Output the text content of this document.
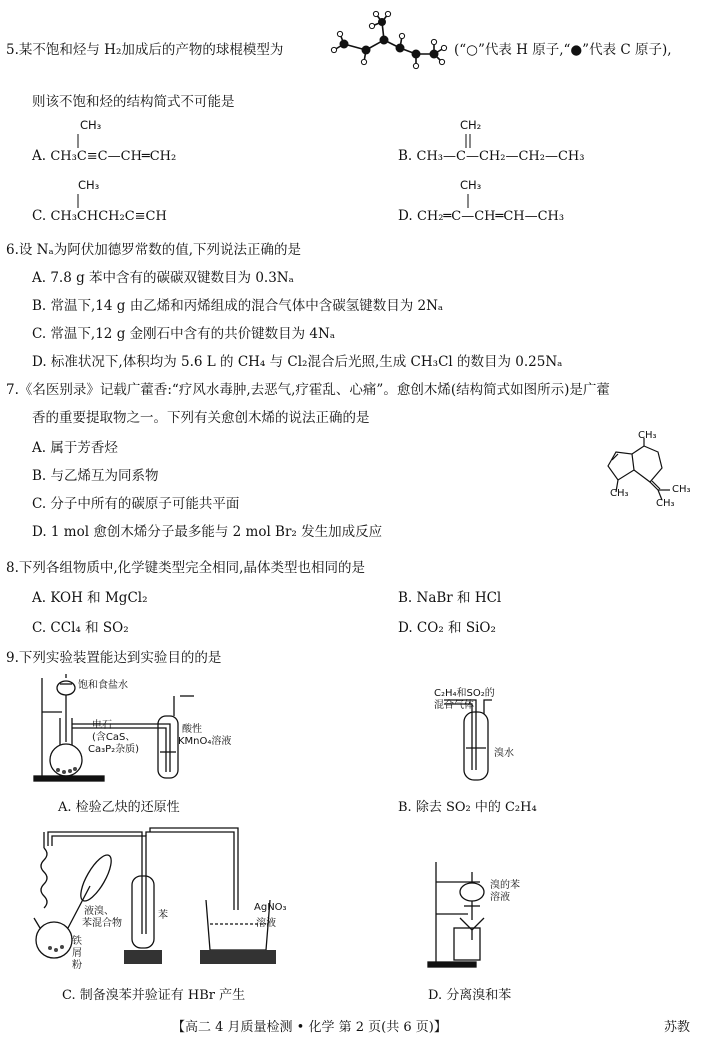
5.某不饱和烃与 H₂加成后的产物的球棍模型为	(“○”代表 H 原子,“●”代表 C 原子),
则该不饱和烃的结构简式不可能是
CH₃
A. CH₃C≡C—CH═CH₂
CH₂
B. CH₃—C—CH₂—CH₂—CH₃
CH₃
C. CH₃CHCH₂C≡CH
CH₃
D. CH₂═C—CH═CH—CH₃
6.设 Nₐ为阿伏加德罗常数的值,下列说法正确的是
A. 7.8 g 苯中含有的碳碳双键数目为 0.3Nₐ
B. 常温下,14 g 由乙烯和丙烯组成的混合气体中含碳氢键数目为 2Nₐ
C. 常温下,12 g 金刚石中含有的共价键数目为 4Nₐ
D. 标准状况下,体积均为 5.6 L 的 CH₄ 与 Cl₂混合后光照,生成 CH₃Cl 的数目为 0.25Nₐ
7.《名医别录》记载广藿香:“疗风水毒肿,去恶气,疗霍乱、心痛”。愈创木烯(结构简式如图所示)是广藿
香的重要提取物之一。下列有关愈创木烯的说法正确的是
A. 属于芳香烃
B. 与乙烯互为同系物
C. 分子中所有的碳原子可能共平面
D. 1 mol 愈创木烯分子最多能与 2 mol Br₂ 发生加成反应
CH₃
CH₃	CH₃
CH₃
8.下列各组物质中,化学键类型完全相同,晶体类型也相同的是
A. KOH 和 MgCl₂	B. NaBr 和 HCl
C. CCl₄ 和 SO₂	D. CO₂ 和 SiO₂
9.下列实验装置能达到实验目的的是
饱和食盐水
电石
(含CaS、
Ca₃P₂杂质)
酸性
KMnO₄溶液
A. 检验乙炔的还原性
C₂H₄和SO₂的
混合气体
溴水
B. 除去 SO₂ 中的 C₂H₄
液溴、
苯混合物
铁
屑
粉
苯
AgNO₃
溶液
C. 制备溴苯并验证有 HBr 产生
溴的苯
溶液
D. 分离溴和苯
【高二 4 月质量检测 • 化学 第 2 页(共 6 页)】	苏教
